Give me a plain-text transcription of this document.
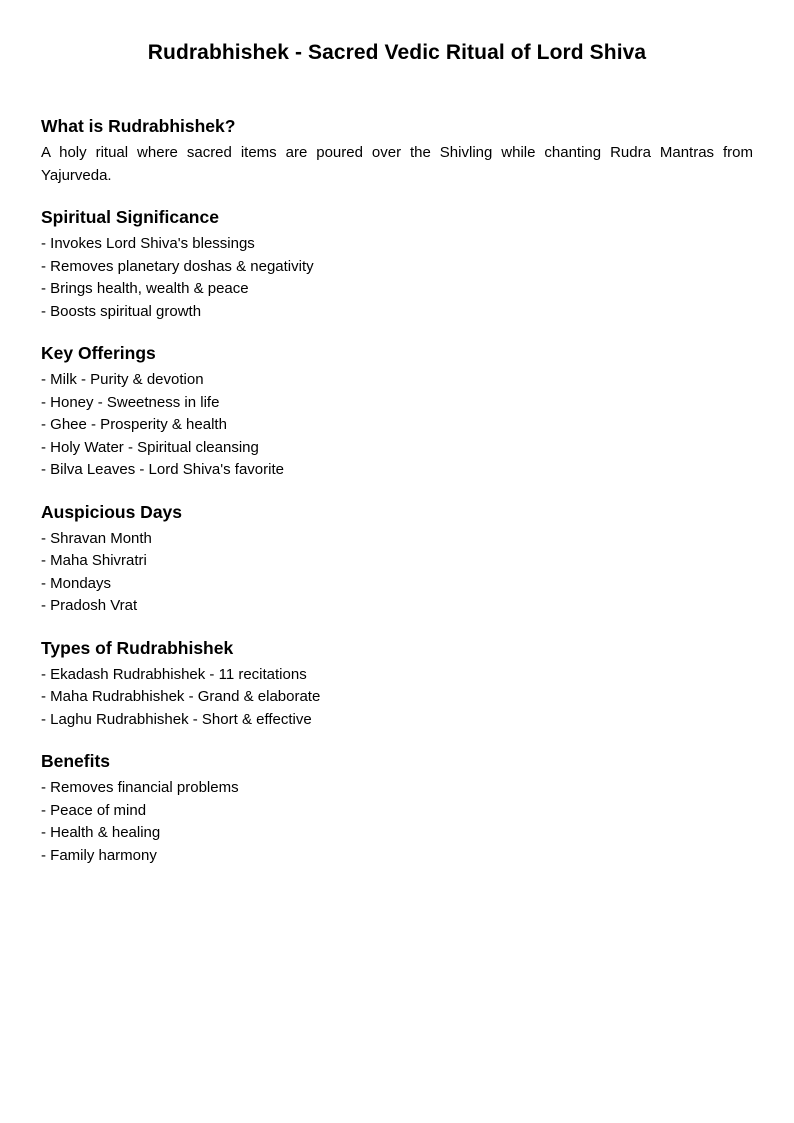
Rudrabhishek - Sacred Vedic Ritual of Lord Shiva
What is Rudrabhishek?

A holy ritual where sacred items are poured over the Shivling while chanting Rudra Mantras from Yajurveda.

Spiritual Significance
- Invokes Lord Shiva's blessings
- Removes planetary doshas & negativity
- Brings health, wealth & peace
- Boosts spiritual growth
Key Offerings
- Milk - Purity & devotion
- Honey - Sweetness in life
- Ghee - Prosperity & health
- Holy Water - Spiritual cleansing
- Bilva Leaves - Lord Shiva's favorite
Auspicious Days
- Shravan Month
- Maha Shivratri
- Mondays
- Pradosh Vrat
Types of Rudrabhishek
- Ekadash Rudrabhishek - 11 recitations
- Maha Rudrabhishek - Grand & elaborate
- Laghu Rudrabhishek - Short & effective
Benefits
- Removes financial problems
- Peace of mind
- Health & healing
- Family harmony
